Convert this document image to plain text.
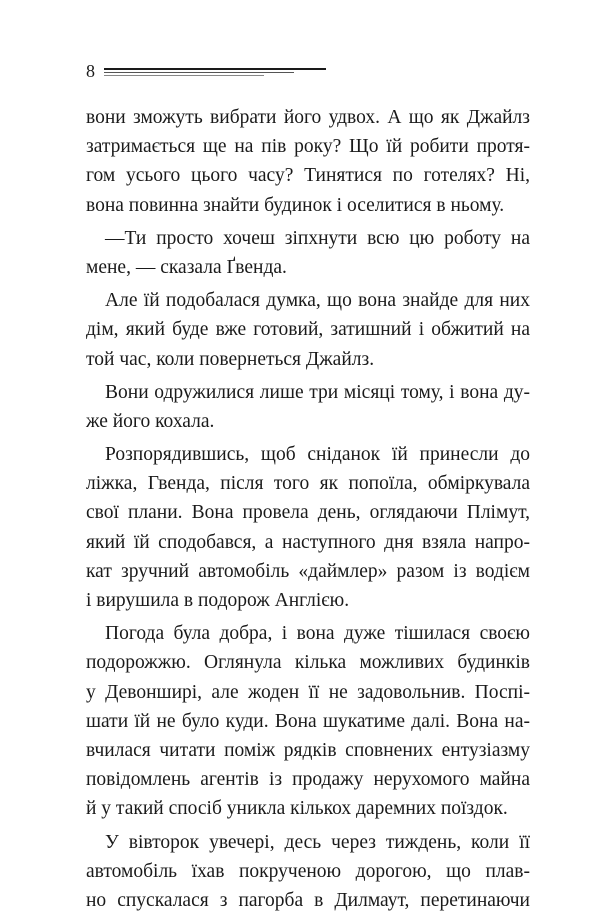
8
вони зможуть вибрати його удвох. А що як Джайлз
затримається ще на пів року? Що їй робити протя-
гом усього цього часу? Тинятися по готелях? Ні,
вона повинна знайти будинок і оселитися в ньому.
—Ти просто хочеш зіпхнути всю цю роботу на
мене, — сказала Ґвенда.
Але їй подобалася думка, що вона знайде для них
дім, який буде вже готовий, затишний і обжитий на
той час, коли повернеться Джайлз.
Вони одружилися лише три місяці тому, і вона ду-
же його кохала.
Розпорядившись, щоб сніданок їй принесли до
ліжка, Гвенда, після того як попоїла, обміркувала
свої плани. Вона провела день, оглядаючи Плімут,
який їй сподобався, а наступного дня взяла напро-
кат зручний автомобіль «даймлер» разом із водієм
і вирушила в подорож Англією.
Погода була добра, і вона дуже тішилася своєю
подорожжю. Оглянула кілька можливих будинків
у Девонширі, але жоден її не задовольнив. Поспі-
шати їй не було куди. Вона шукатиме далі. Вона на-
вчилася читати поміж рядків сповнених ентузіазму
повідомлень агентів із продажу нерухомого майна
й у такий спосіб уникла кількох даремних поїздок.
У вівторок увечері, десь через тиждень, коли її
автомобіль їхав покрученою дорогою, що плав-
но спускалася з пагорба в Дилмаут, перетинаючи
